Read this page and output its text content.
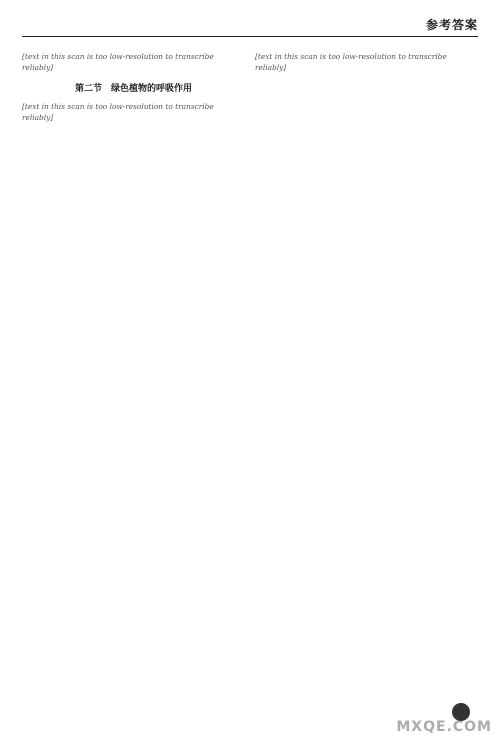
参考答案

[text in this scan is too low-resolution to transcribe reliably]

第二节　绿色植物的呼吸作用

[text in this scan is too low-resolution to transcribe reliably]

[text in this scan is too low-resolution to transcribe reliably]

MXQE.COM
